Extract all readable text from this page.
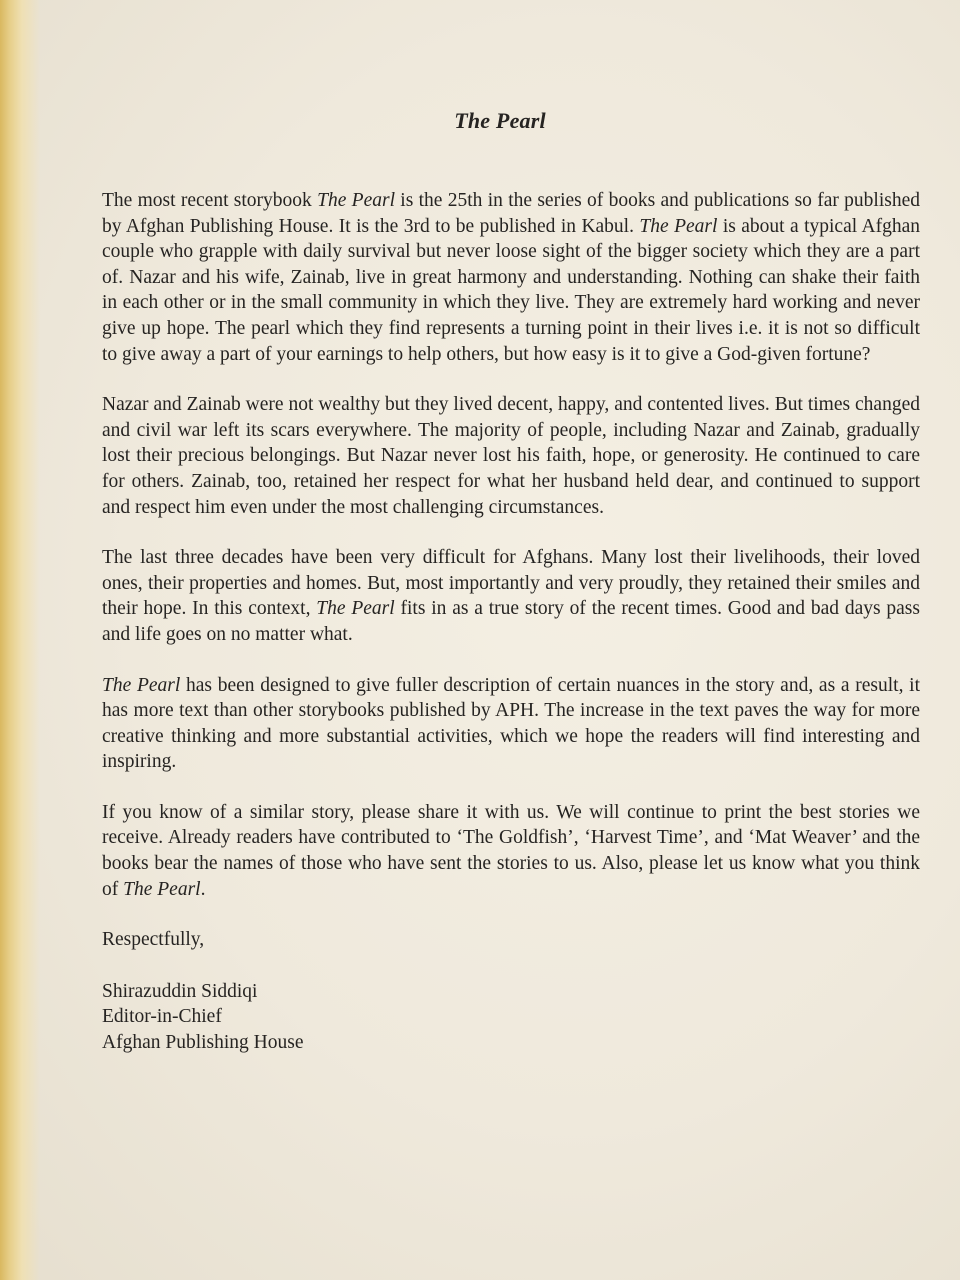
The Pearl

The most recent storybook The Pearl is the 25th in the series of books and publications so far published by Afghan Publishing House. It is the 3rd to be published in Kabul. The Pearl is about a typical Afghan couple who grapple with daily survival but never loose sight of the bigger society which they are a part of. Nazar and his wife, Zainab, live in great harmony and understanding. Nothing can shake their faith in each other or in the small community in which they live. They are extremely hard working and never give up hope. The pearl which they find represents a turning point in their lives i.e. it is not so difficult to give away a part of your earnings to help others, but how easy is it to give a God-given fortune?

Nazar and Zainab were not wealthy but they lived decent, happy, and contented lives. But times changed and civil war left its scars everywhere. The majority of people, including Nazar and Zainab, gradually lost their precious belongings. But Nazar never lost his faith, hope, or generosity. He continued to care for others. Zainab, too, retained her respect for what her husband held dear, and continued to support and respect him even under the most challenging circumstances.

The last three decades have been very difficult for Afghans. Many lost their livelihoods, their loved ones, their properties and homes. But, most importantly and very proudly, they retained their smiles and their hope. In this context, The Pearl fits in as a true story of the recent times. Good and bad days pass and life goes on no matter what.

The Pearl has been designed to give fuller description of certain nuances in the story and, as a result, it has more text than other storybooks published by APH. The increase in the text paves the way for more creative thinking and more substantial activities, which we hope the readers will find interesting and inspiring.

If you know of a similar story, please share it with us. We will continue to print the best stories we receive. Already readers have contributed to ‘The Goldfish’, ‘Harvest Time’, and ‘Mat Weaver’ and the books bear the names of those who have sent the stories to us. Also, please let us know what you think of The Pearl.

Respectfully,
Shirazuddin Siddiqi
Editor-in-Chief
Afghan Publishing House
